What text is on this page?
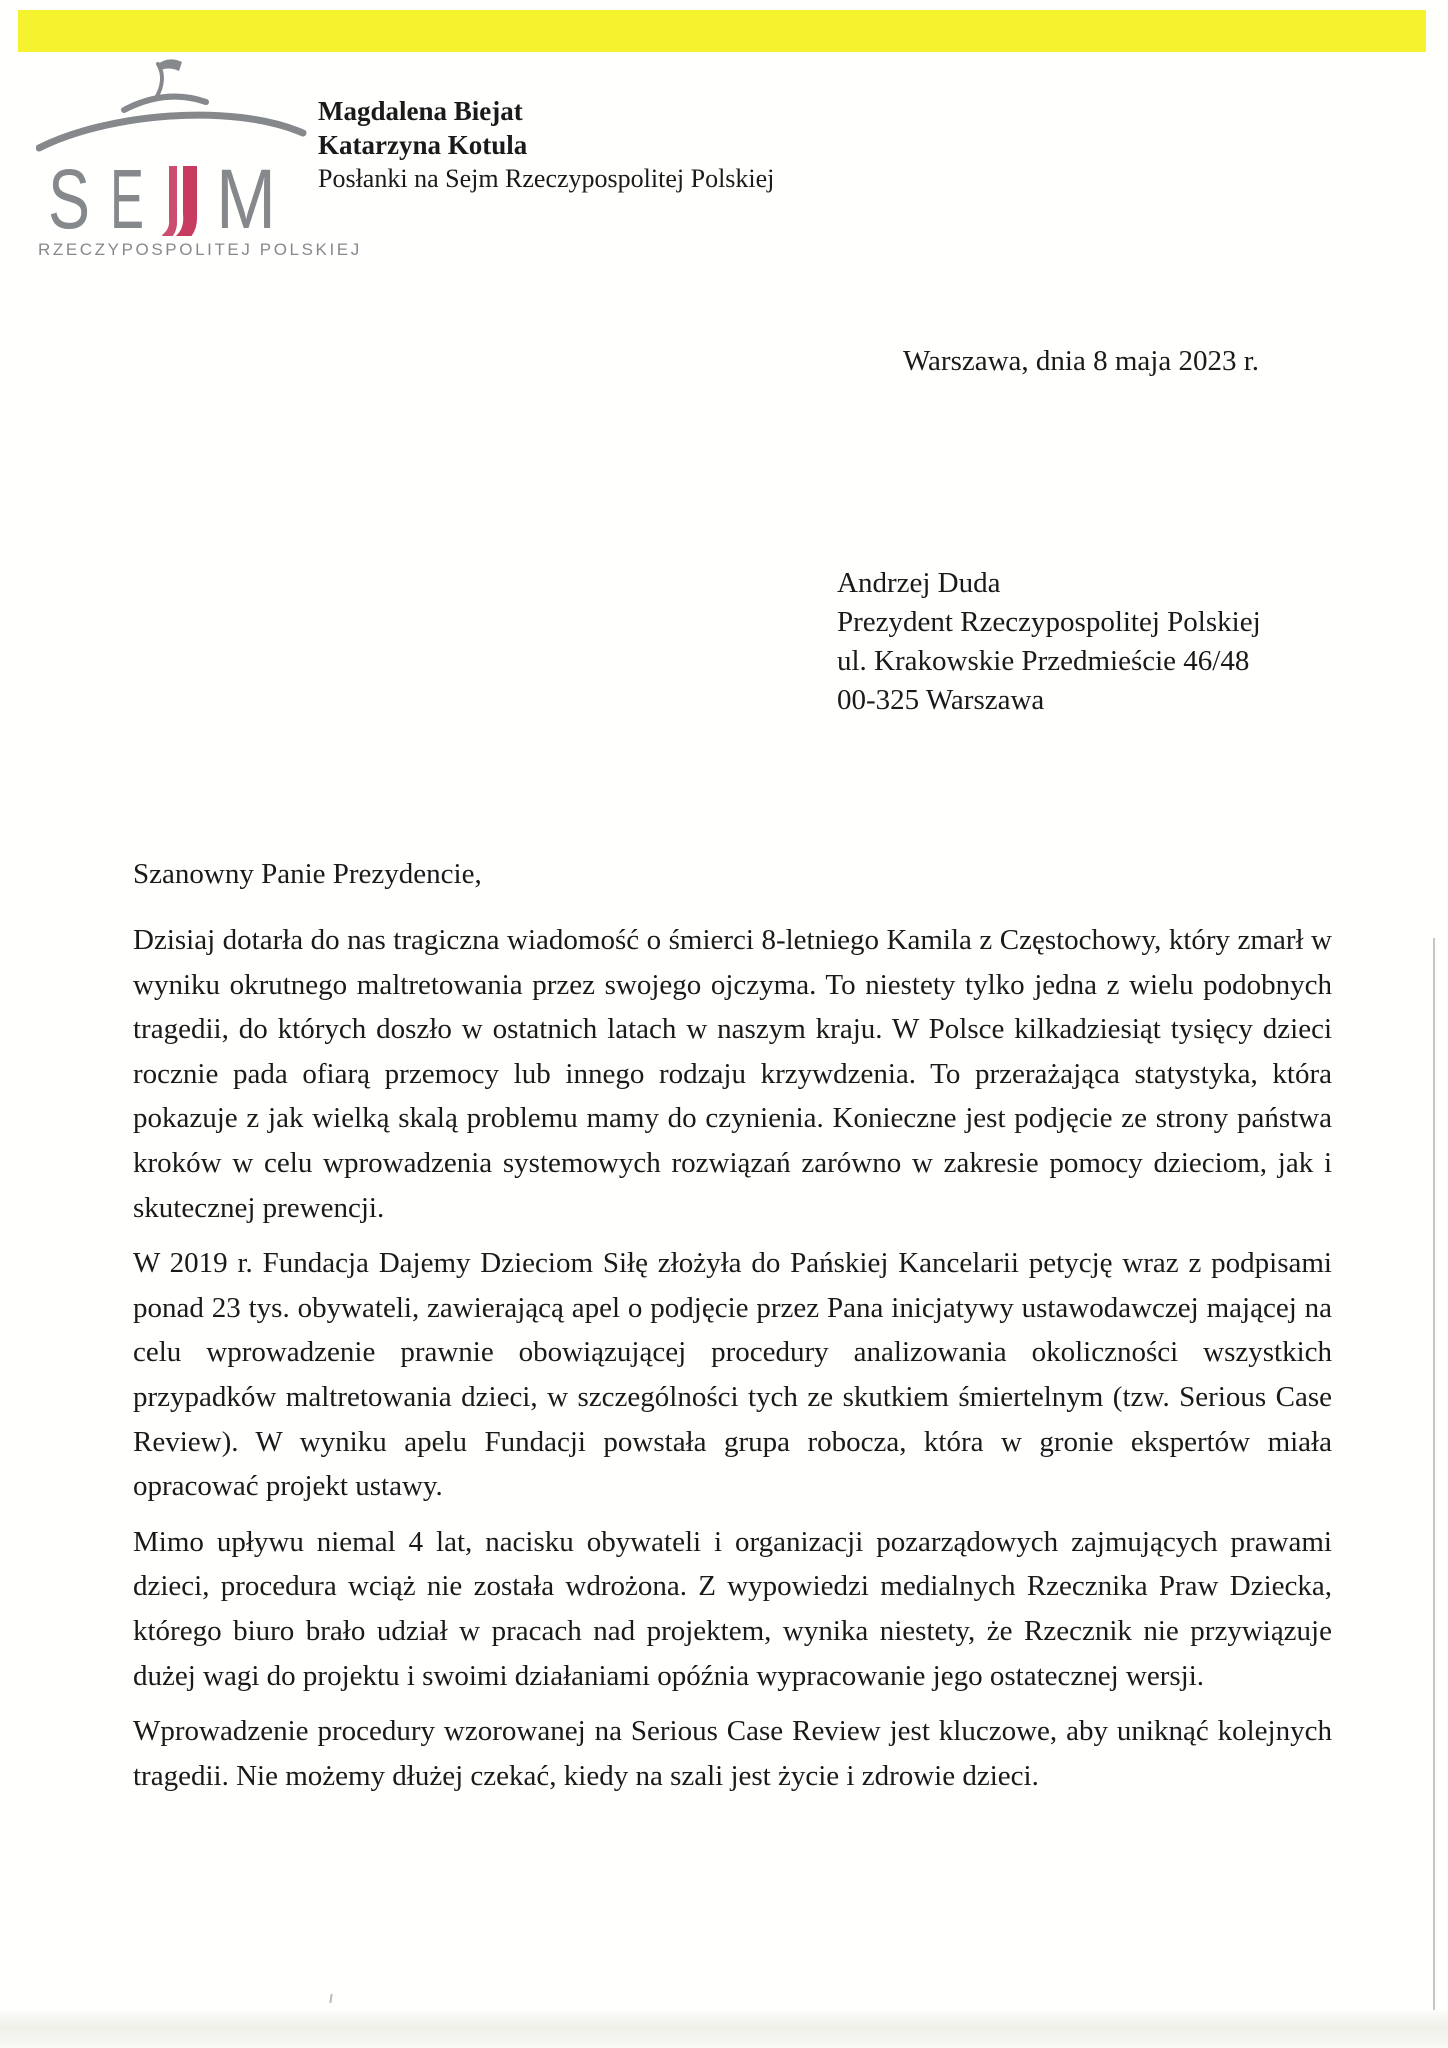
S E M
RZECZYPOSPOLITEJ POLSKIEJ
Magdalena Biejat
Katarzyna Kotula
Posłanki na Sejm Rzeczypospolitej Polskiej
Warszawa, dnia 8 maja 2023 r.
Andrzej Duda
Prezydent Rzeczypospolitej Polskiej
ul. Krakowskie Przedmieście 46/48
00-325 Warszawa
Szanowny Panie Prezydencie,

Dzisiaj dotarła do nas tragiczna wiadomość o śmierci 8-letniego Kamila z Częstochowy, który zmarł w wyniku okrutnego maltretowania przez swojego ojczyma. To niestety tylko jedna z wielu podobnych tragedii, do których doszło w ostatnich latach w naszym kraju. W Polsce kilkadziesiąt tysięcy dzieci rocznie pada ofiarą przemocy lub innego rodzaju krzywdzenia. To przerażająca statystyka, która pokazuje z jak wielką skalą problemu mamy do czynienia. Konieczne jest podjęcie ze strony państwa kroków w celu wprowadzenia systemowych rozwiązań zarówno w zakresie pomocy dzieciom, jak i skutecznej prewencji.

W 2019 r. Fundacja Dajemy Dzieciom Siłę złożyła do Pańskiej Kancelarii petycję wraz z podpisami ponad 23 tys. obywateli, zawierającą apel o podjęcie przez Pana inicjatywy ustawodawczej mającej na celu wprowadzenie prawnie obowiązującej procedury analizowania okoliczności wszystkich przypadków maltretowania dzieci, w szczególności tych ze skutkiem śmiertelnym (tzw. Serious Case Review). W wyniku apelu Fundacji powstała grupa robocza, która w gronie ekspertów miała opracować projekt ustawy.

Mimo upływu niemal 4 lat, nacisku obywateli i organizacji pozarządowych zajmujących prawami dzieci, procedura wciąż nie została wdrożona. Z wypowiedzi medialnych Rzecznika Praw Dziecka, którego biuro brało udział w pracach nad projektem, wynika niestety, że Rzecznik nie przywiązuje dużej wagi do projektu i swoimi działaniami opóźnia wypracowanie jego ostatecznej wersji.

Wprowadzenie procedury wzorowanej na Serious Case Review jest kluczowe, aby uniknąć kolejnych tragedii. Nie możemy dłużej czekać, kiedy na szali jest życie i zdrowie dzieci.
